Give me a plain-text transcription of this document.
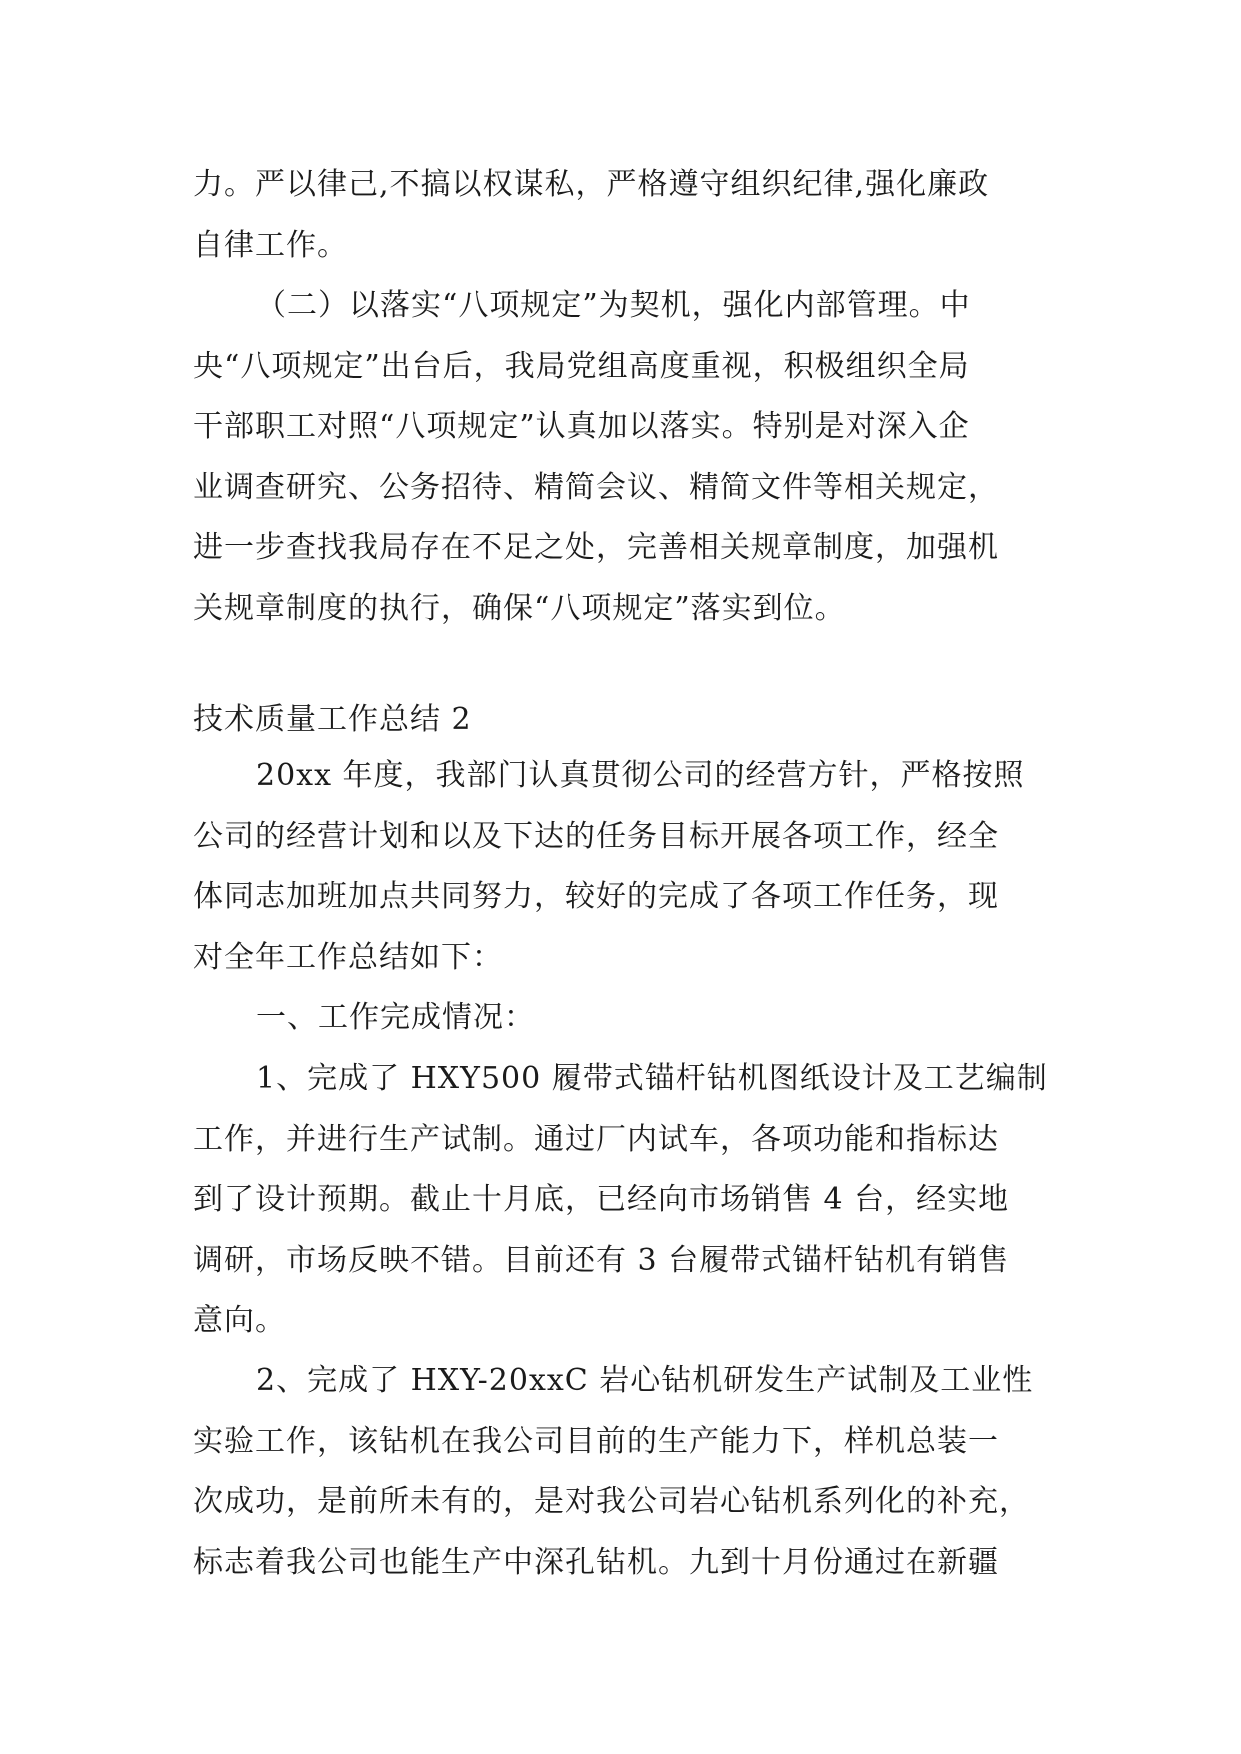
力。严以律己,不搞以权谋私，严格遵守组织纪律,强化廉政
自律工作。
（二）以落实“八项规定”为契机，强化内部管理。中
央“八项规定”出台后，我局党组高度重视，积极组织全局
干部职工对照“八项规定”认真加以落实。特别是对深入企
业调查研究、公务招待、精简会议、精简文件等相关规定，
进一步查找我局存在不足之处，完善相关规章制度，加强机
关规章制度的执行，确保“八项规定”落实到位。
技术质量工作总结 2
20xx 年度，我部门认真贯彻公司的经营方针，严格按照
公司的经营计划和以及下达的任务目标开展各项工作，经全
体同志加班加点共同努力，较好的完成了各项工作任务，现
对全年工作总结如下：
一、工作完成情况：
1、完成了 HXY500 履带式锚杆钻机图纸设计及工艺编制
工作，并进行生产试制。通过厂内试车，各项功能和指标达
到了设计预期。截止十月底，已经向市场销售 4 台，经实地
调研，市场反映不错。目前还有 3 台履带式锚杆钻机有销售
意向。
2、完成了 HXY-20xxC 岩心钻机研发生产试制及工业性
实验工作，该钻机在我公司目前的生产能力下，样机总装一
次成功，是前所未有的，是对我公司岩心钻机系列化的补充，
标志着我公司也能生产中深孔钻机。九到十月份通过在新疆
